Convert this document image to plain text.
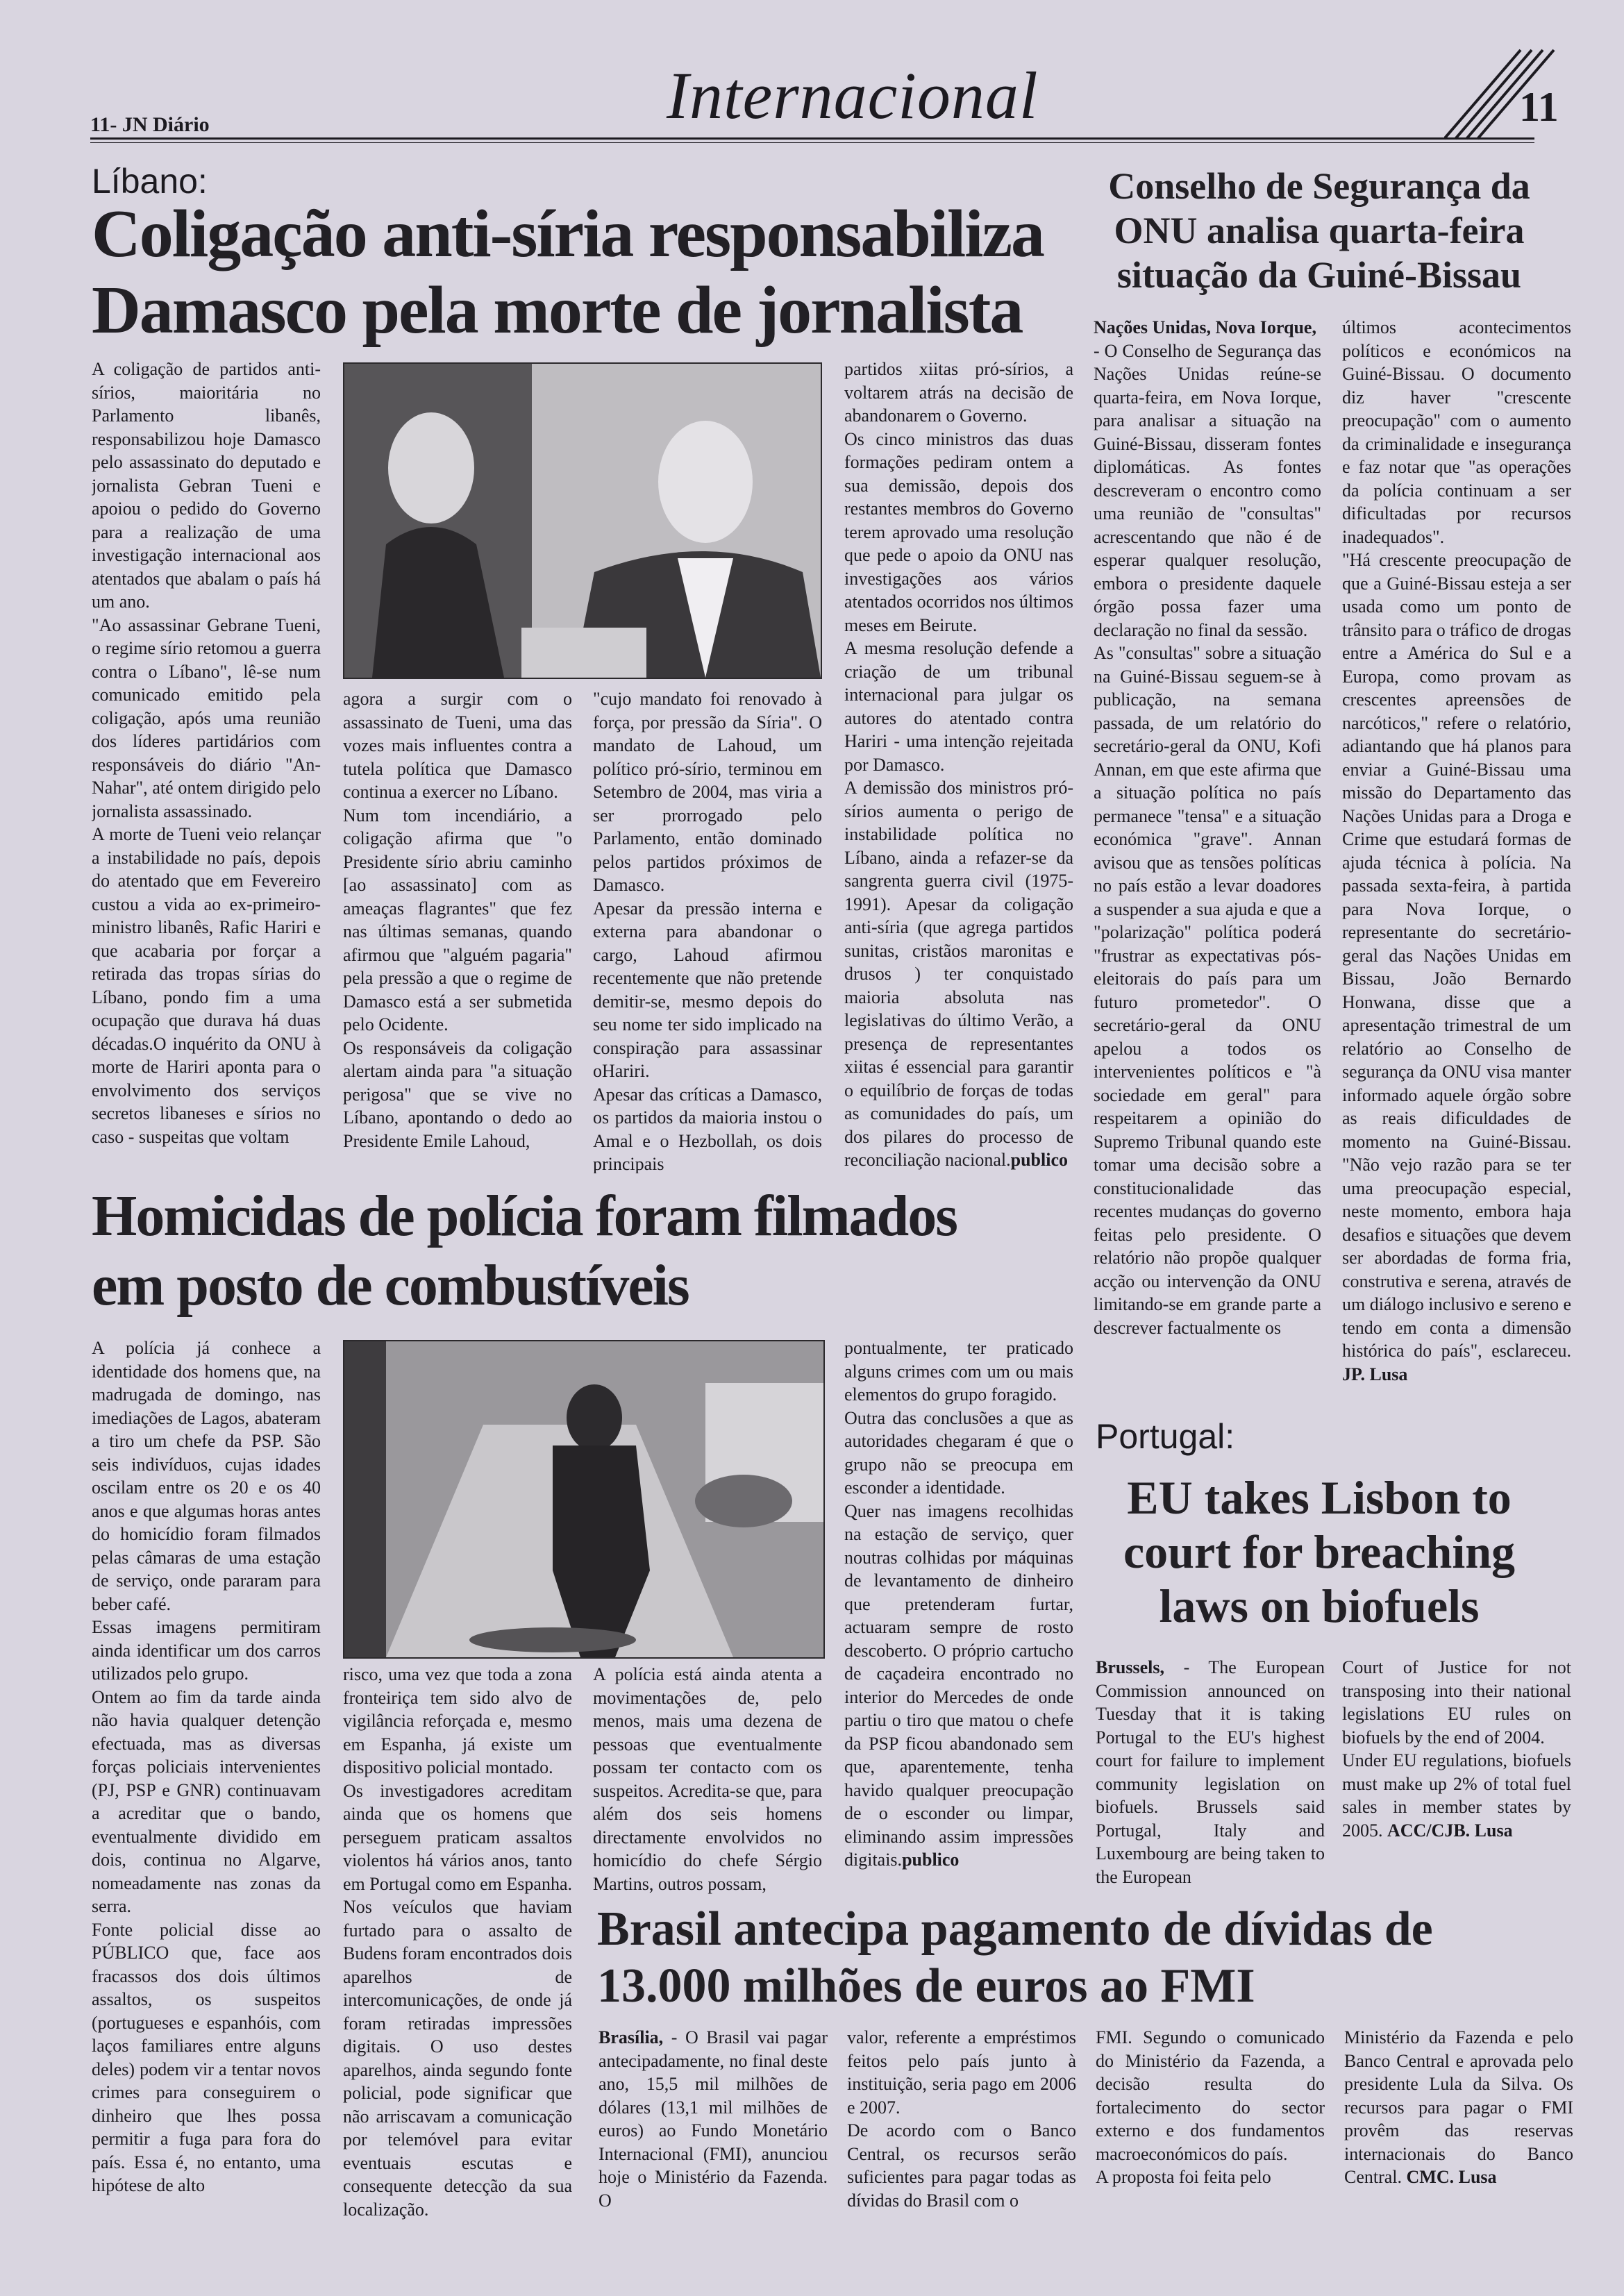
11- JN Diário	Internacional	11
Líbano:
Coligação anti-síria responsabiliza
Damasco pela morte de jornalista
A coligação de partidos anti-sírios, maioritária no Parlamento libanês, responsabilizou hoje Damasco pelo assassinato do deputado e jornalista Gebran Tueni e apoiou o pedido do Governo para a realização de uma investigação internacional aos atentados que abalam o país há um ano.
"Ao assassinar Gebrane Tueni, o regime sírio retomou a guerra contra o Líbano", lê-se num comunicado emitido pela coligação, após uma reunião dos líderes partidários com responsáveis do diário "An-Nahar", até ontem dirigido pelo jornalista assassinado.
A morte de Tueni veio relançar a instabilidade no país, depois do atentado que em Fevereiro custou a vida ao ex-primeiro-ministro libanês, Rafic Hariri e que acabaria por forçar a retirada das tropas sírias do Líbano, pondo fim a uma ocupação que durava há duas décadas.O inquérito da ONU à morte de Hariri aponta para o envolvimento dos serviços secretos libaneses e sírios no caso - suspeitas que voltam
agora a surgir com o assassinato de Tueni, uma das vozes mais influentes contra a tutela política que Damasco continua a exercer no Líbano.
Num tom incendiário, a coligação afirma que "o Presidente sírio abriu caminho [ao assassinato] com as ameaças flagrantes" que fez nas últimas semanas, quando afirmou que "alguém pagaria" pela pressão a que o regime de Damasco está a ser submetida pelo Ocidente.
Os responsáveis da coligação alertam ainda para "a situação perigosa" que se vive no Líbano, apontando o dedo ao Presidente Emile Lahoud,
"cujo mandato foi renovado à força, por pressão da Síria". O mandato de Lahoud, um político pró-sírio, terminou em Setembro de 2004, mas viria a ser prorrogado pelo Parlamento, então dominado pelos partidos próximos de Damasco.
Apesar da pressão interna e externa para abandonar o cargo, Lahoud afirmou recentemente que não pretende demitir-se, mesmo depois do seu nome ter sido implicado na conspiração para assassinar oHariri.
Apesar das críticas a Damasco, os partidos da maioria instou o Amal e o Hezbollah, os dois principais
partidos xiitas pró-sírios, a voltarem atrás na decisão de abandonarem o Governo.
Os cinco ministros das duas formações pediram ontem a sua demissão, depois dos restantes membros do Governo terem aprovado uma resolução que pede o apoio da ONU nas investigações aos vários atentados ocorridos nos últimos meses em Beirute.
A mesma resolução defende a criação de um tribunal internacional para julgar os autores do atentado contra Hariri - uma intenção rejeitada por Damasco.
A demissão dos ministros pró-sírios aumenta o perigo de instabilidade política no Líbano, ainda a refazer-se da sangrenta guerra civil (1975-1991). Apesar da coligação anti-síria (que agrega partidos sunitas, cristãos maronitas e drusos ) ter conquistado maioria absoluta nas legislativas do último Verão, a presença de representantes xiitas é essencial para garantir o equilíbrio de forças de todas as comunidades do país, um dos pilares do processo de reconciliação nacional.publico
Homicidas de polícia foram filmados
em posto de combustíveis
A polícia já conhece a identidade dos homens que, na madrugada de domingo, nas imediações de Lagos, abateram a tiro um chefe da PSP. São seis indivíduos, cujas idades oscilam entre os 20 e os 40 anos e que algumas horas antes do homicídio foram filmados pelas câmaras de uma estação de serviço, onde pararam para beber café.
Essas imagens permitiram ainda identificar um dos carros utilizados pelo grupo.
Ontem ao fim da tarde ainda não havia qualquer detenção efectuada, mas as diversas forças policiais intervenientes (PJ, PSP e GNR) continuavam a acreditar que o bando, eventualmente dividido em dois, continua no Algarve, nomeadamente nas zonas da serra.
Fonte policial disse ao PÚBLICO que, face aos fracassos dos dois últimos assaltos, os suspeitos (portugueses e espanhóis, com laços familiares entre alguns deles) podem vir a tentar novos crimes para conseguirem o dinheiro que lhes possa permitir a fuga para fora do país. Essa é, no entanto, uma hipótese de alto
risco, uma vez que toda a zona fronteiriça tem sido alvo de vigilância reforçada e, mesmo em Espanha, já existe um dispositivo policial montado.
Os investigadores acreditam ainda que os homens que perseguem praticam assaltos violentos há vários anos, tanto em Portugal como em Espanha. Nos veículos que haviam furtado para o assalto de Budens foram encontrados dois aparelhos de intercomunicações, de onde já foram retiradas impressões digitais. O uso destes aparelhos, ainda segundo fonte policial, pode significar que não arriscavam a comunicação por telemóvel para evitar eventuais escutas e consequente detecção da sua localização.
A polícia está ainda atenta a movimentações de, pelo menos, mais uma dezena de pessoas que eventualmente possam ter contacto com os suspeitos. Acredita-se que, para além dos seis homens directamente envolvidos no homicídio do chefe Sérgio Martins, outros possam,
pontualmente, ter praticado alguns crimes com um ou mais elementos do grupo foragido.
Outra das conclusões a que as autoridades chegaram é que o grupo não se preocupa em esconder a identidade.
Quer nas imagens recolhidas na estação de serviço, quer noutras colhidas por máquinas de levantamento de dinheiro que pretenderam furtar, actuaram sempre de rosto descoberto. O próprio cartucho de caçadeira encontrado no interior do Mercedes de onde partiu o tiro que matou o chefe da PSP ficou abandonado sem que, aparentemente, tenha havido qualquer preocupação de o esconder ou limpar, eliminando assim impressões digitais.publico
Conselho de Segurança da
ONU analisa quarta-feira
situação da Guiné-Bissau
Nações Unidas, Nova Iorque,
- O Conselho de Segurança das Nações Unidas reúne-se quarta-feira, em Nova Iorque, para analisar a situação na Guiné-Bissau, disseram fontes diplomáticas. As fontes descreveram o encontro como uma reunião de "consultas" acrescentando que não é de esperar qualquer resolução, embora o presidente daquele órgão possa fazer uma declaração no final da sessão.
As "consultas" sobre a situação na Guiné-Bissau seguem-se à publicação, na semana passada, de um relatório do secretário-geral da ONU, Kofi Annan, em que este afirma que a situação política no país permanece "tensa" e a situação económica "grave". Annan avisou que as tensões políticas no país estão a levar doadores a suspender a sua ajuda e que a "polarização" política poderá "frustrar as expectativas pós-eleitorais do país para um futuro prometedor". O secretário-geral da ONU apelou a todos os intervenientes políticos e "à sociedade em geral" para respeitarem a opinião do Supremo Tribunal quando este tomar uma decisão sobre a constitucionalidade das recentes mudanças do governo feitas pelo presidente. O relatório não propõe qualquer acção ou intervenção da ONU limitando-se em grande parte a descrever factualmente os
últimos acontecimentos políticos e económicos na Guiné-Bissau. O documento diz haver "crescente preocupação" com o aumento da criminalidade e insegurança e faz notar que "as operações da polícia continuam a ser dificultadas por recursos inadequados".
"Há crescente preocupação de que a Guiné-Bissau esteja a ser usada como um ponto de trânsito para o tráfico de drogas entre a América do Sul e a Europa, como provam as crescentes apreensões de narcóticos," refere o relatório, adiantando que há planos para enviar a Guiné-Bissau uma missão do Departamento das Nações Unidas para a Droga e Crime que estudará formas de ajuda técnica à polícia. Na passada sexta-feira, à partida para Nova Iorque, o representante do secretário-geral das Nações Unidas em Bissau, João Bernardo Honwana, disse que a apresentação trimestral de um relatório ao Conselho de segurança da ONU visa manter informado aquele órgão sobre as reais dificuldades de momento na Guiné-Bissau. "Não vejo razão para se ter uma preocupação especial, neste momento, embora haja desafios e situações que devem ser abordadas de forma fria, construtiva e serena, através de um diálogo inclusivo e sereno e tendo em conta a dimensão histórica do país", esclareceu. JP. Lusa
Portugal:
EU takes Lisbon to
court for breaching
laws on biofuels
Brussels, - The European Commission announced on Tuesday that it is taking Portugal to the EU's highest court for failure to implement community legislation on biofuels. Brussels said Portugal, Italy and Luxembourg are being taken to the European
Court of Justice for not transposing into their national legislations EU rules on biofuels by the end of 2004.
Under EU regulations, biofuels must make up 2% of total fuel sales in member states by 2005. ACC/CJB. Lusa
Brasil antecipa pagamento de dívidas de
13.000 milhões de euros ao FMI
Brasília, - O Brasil vai pagar antecipadamente, no final deste ano, 15,5 mil milhões de dólares (13,1 mil milhões de euros) ao Fundo Monetário Internacional (FMI), anunciou hoje o Ministério da Fazenda. O
valor, referente a empréstimos feitos pelo país junto à instituição, seria pago em 2006 e 2007.
De acordo com o Banco Central, os recursos serão suficientes para pagar todas as dívidas do Brasil com o
FMI. Segundo o comunicado do Ministério da Fazenda, a decisão resulta do fortalecimento do sector externo e dos fundamentos macroeconómicos do país.
A proposta foi feita pelo
Ministério da Fazenda e pelo Banco Central e aprovada pelo presidente Lula da Silva. Os recursos para pagar o FMI provêm das reservas internacionais do Banco Central. CMC. Lusa
